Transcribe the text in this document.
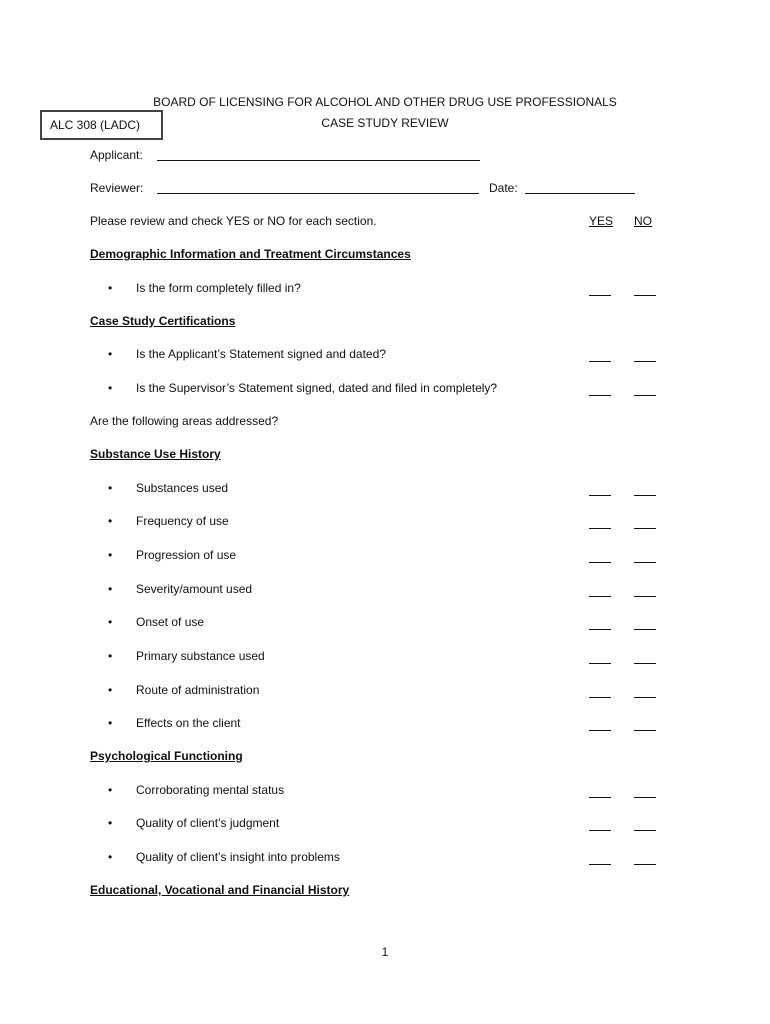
ALC 308 (LADC)
BOARD OF LICENSING FOR ALCOHOL AND OTHER DRUG USE PROFESSIONALS
CASE STUDY REVIEW
Applicant:
Reviewer:	Date:
Please review and check YES or NO for each section.	YES NO
Demographic Information and Treatment Circumstances
• Is the form completely filled in?
Case Study Certifications
• Is the Applicant’s Statement signed and dated?
• Is the Supervisor’s Statement signed, dated and filed in completely?
Are the following areas addressed?
Substance Use History
• Substances used
• Frequency of use
• Progression of use
• Severity/amount used
• Onset of use
• Primary substance used
• Route of administration
• Effects on the client
Psychological Functioning
• Corroborating mental status
• Quality of client’s judgment
• Quality of client’s insight into problems
Educational, Vocational and Financial History
1
